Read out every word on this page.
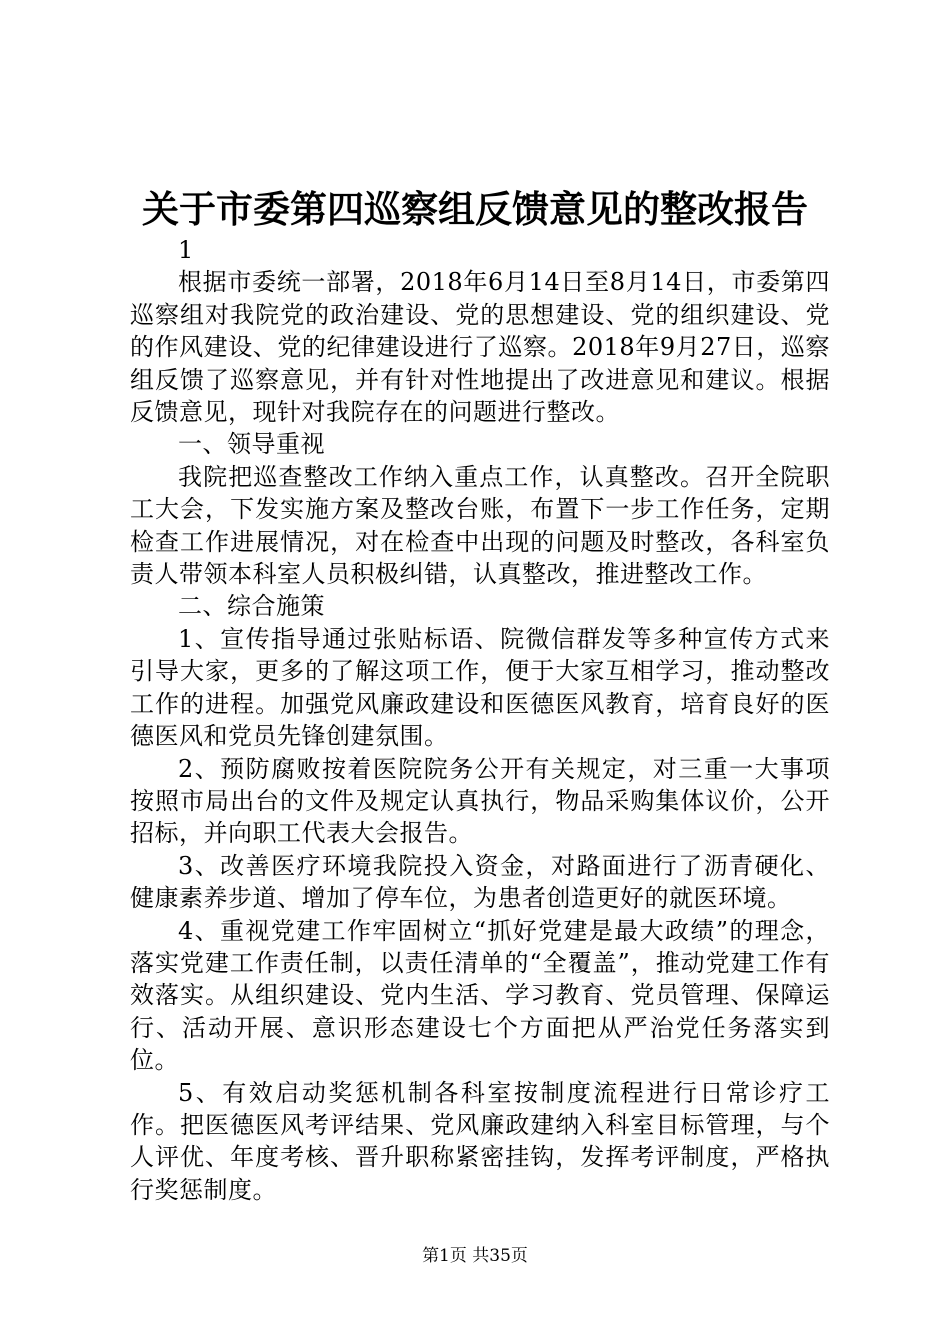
关于市委第四巡察组反馈意见的整改报告

1

根据市委统一部署，2018年6月14日至8月14日，市委第四巡察组对我院党的政治建设、党的思想建设、党的组织建设、党的作风建设、党的纪律建设进行了巡察。2018年9月27日，巡察组反馈了巡察意见，并有针对性地提出了改进意见和建议。根据反馈意见，现针对我院存在的问题进行整改。

一、领导重视

我院把巡查整改工作纳入重点工作，认真整改。召开全院职工大会，下发实施方案及整改台账，布置下一步工作任务，定期检查工作进展情况，对在检查中出现的问题及时整改，各科室负责人带领本科室人员积极纠错，认真整改，推进整改工作。

二、综合施策

1、宣传指导通过张贴标语、院微信群发等多种宣传方式来引导大家，更多的了解这项工作，便于大家互相学习，推动整改工作的进程。加强党风廉政建设和医德医风教育，培育良好的医德医风和党员先锋创建氛围。

2、预防腐败按着医院院务公开有关规定，对三重一大事项按照市局出台的文件及规定认真执行，物品采购集体议价，公开招标，并向职工代表大会报告。

3、改善医疗环境我院投入资金，对路面进行了沥青硬化、健康素养步道、增加了停车位，为患者创造更好的就医环境。

4、重视党建工作牢固树立“抓好党建是最大政绩”的理念，落实党建工作责任制，以责任清单的“全覆盖”，推动党建工作有效落实。从组织建设、党内生活、学习教育、党员管理、保障运行、活动开展、意识形态建设七个方面把从严治党任务落实到位。

5、有效启动奖惩机制各科室按制度流程进行日常诊疗工作。把医德医风考评结果、党风廉政建纳入科室目标管理，与个人评优、年度考核、晋升职称紧密挂钩，发挥考评制度，严格执行奖惩制度。

第1页 共35页
